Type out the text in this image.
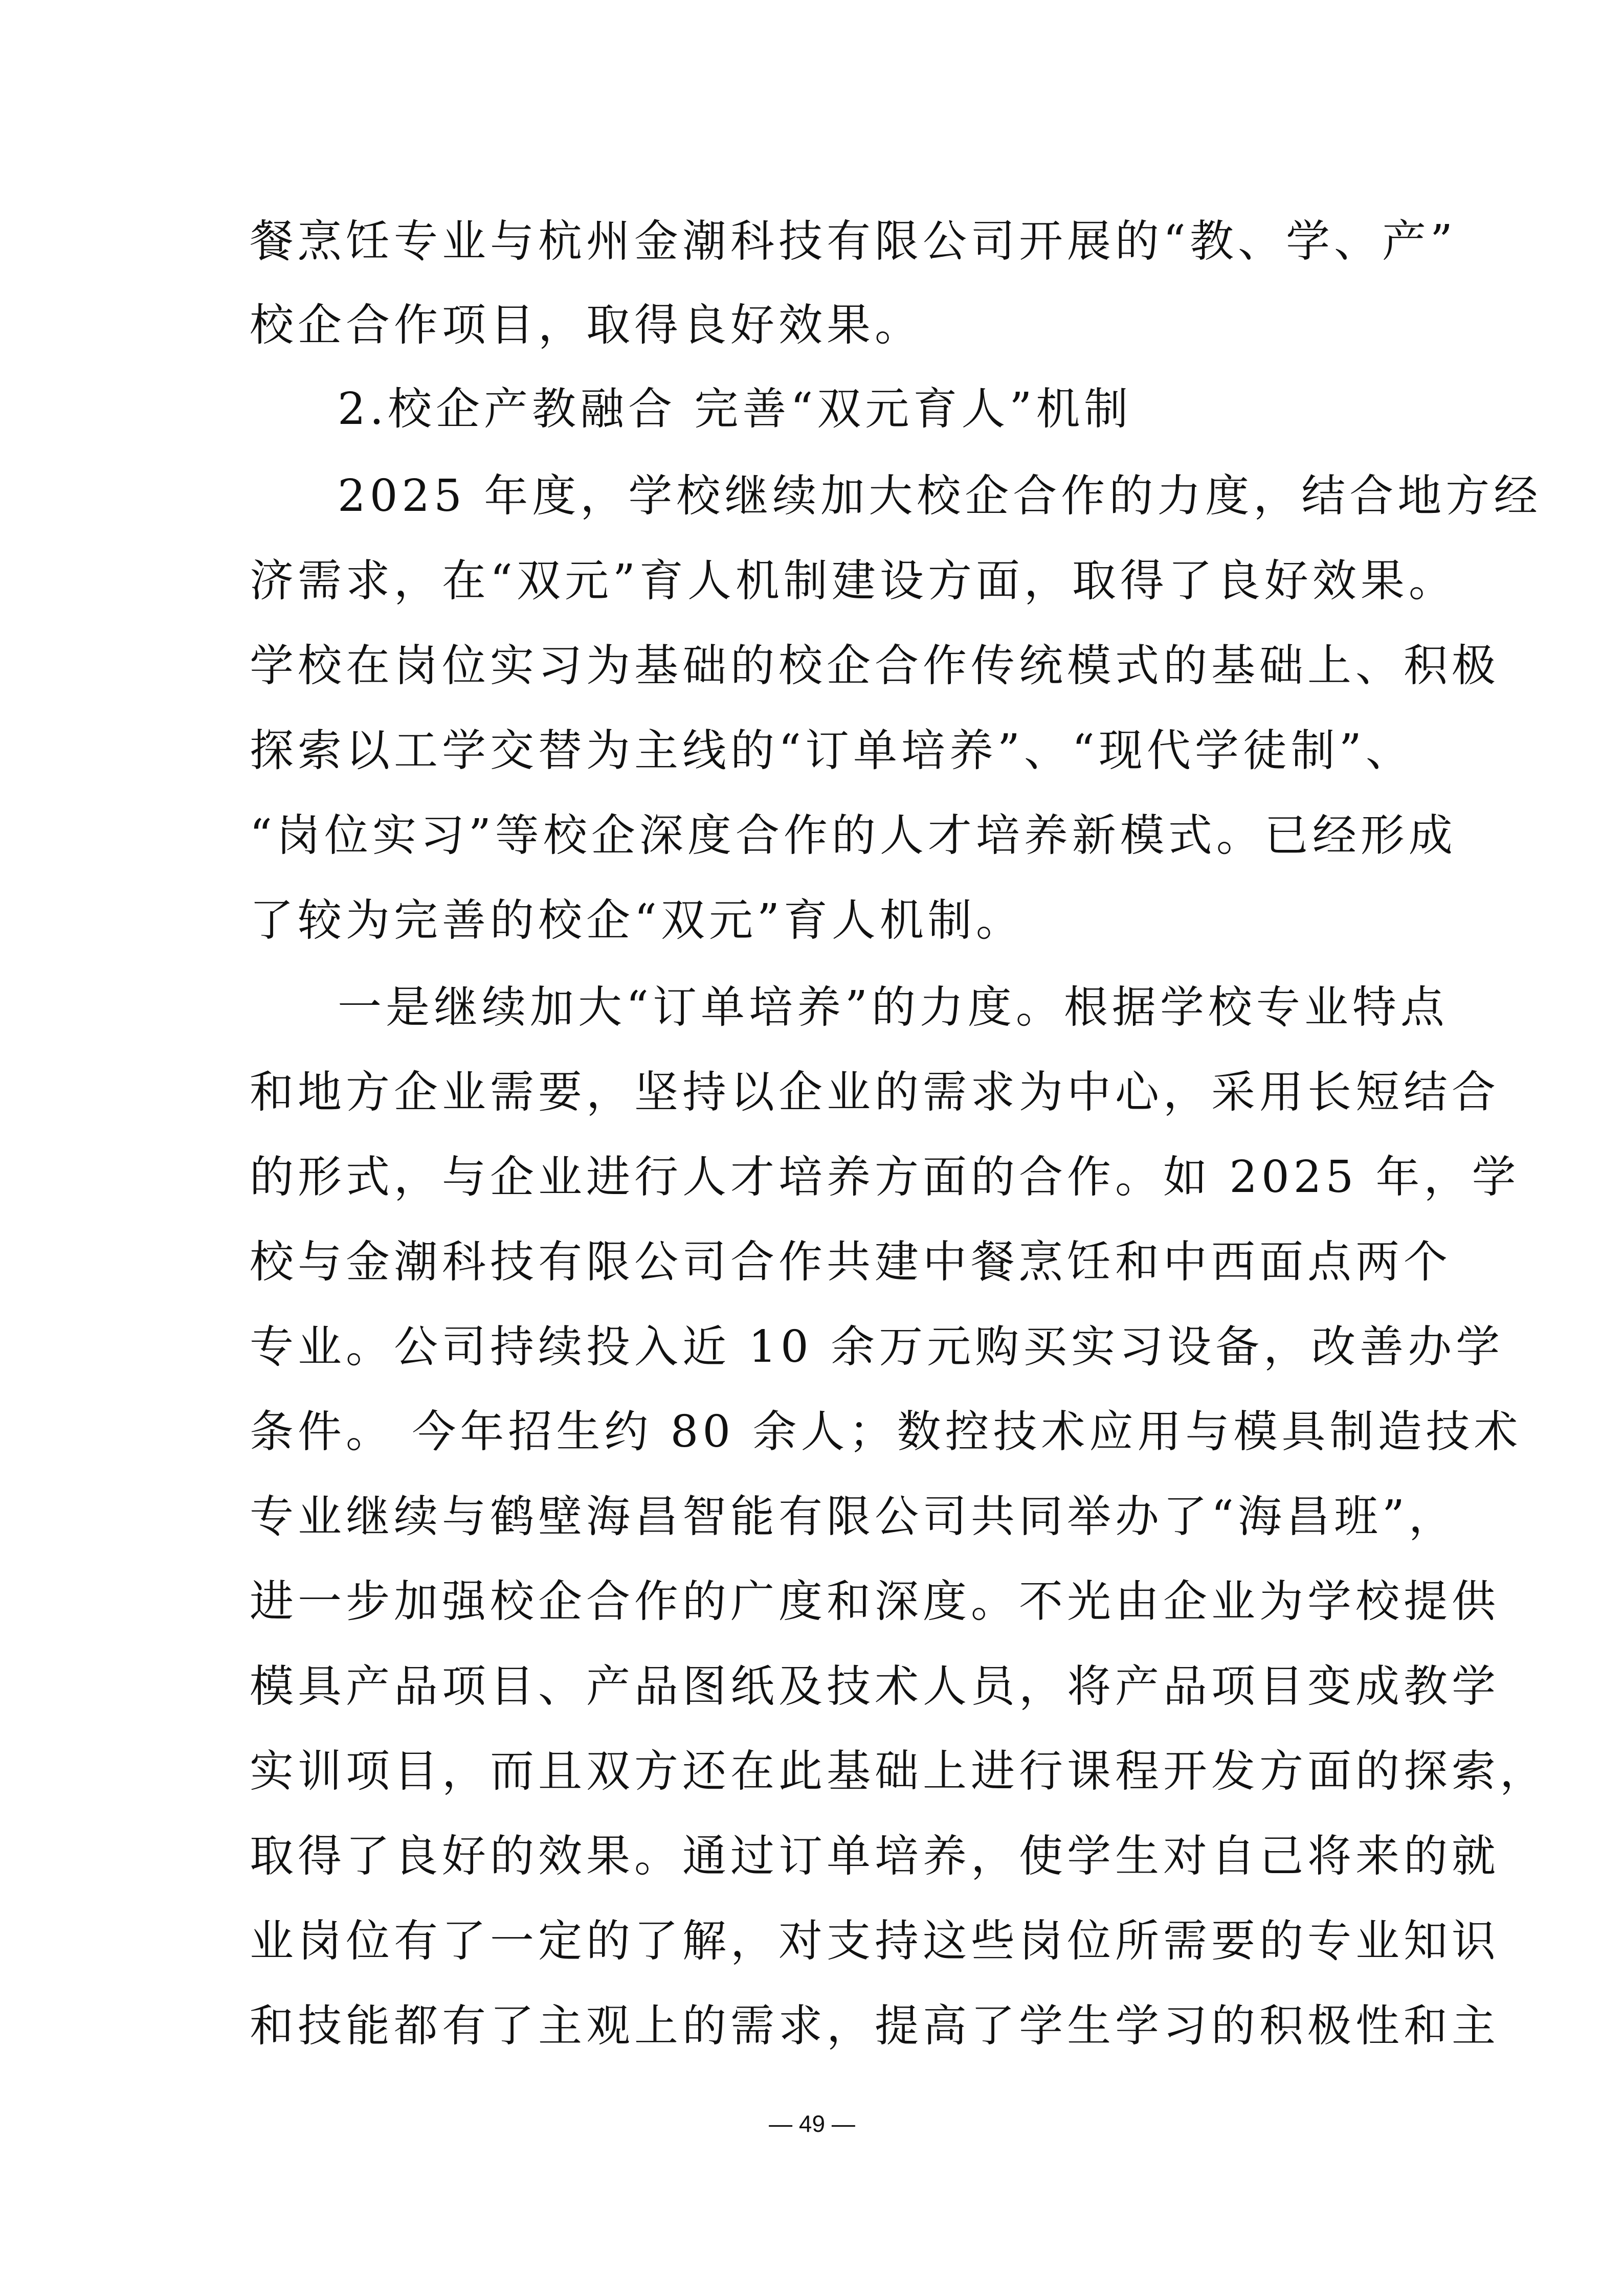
餐烹饪专业与杭州金潮科技有限公司开展的“教、学、产”
校企合作项目，取得良好效果。
2.校企产教融合 完善“双元育人”机制
2025 年度，学校继续加大校企合作的力度，结合地方经
济需求，在“双元”育人机制建设方面，取得了良好效果。
学校在岗位实习为基础的校企合作传统模式的基础上、积极
探索以工学交替为主线的“订单培养”、“现代学徒制”、
“岗位实习”等校企深度合作的人才培养新模式。已经形成
了较为完善的校企“双元”育人机制。
一是继续加大“订单培养”的力度。根据学校专业特点
和地方企业需要，坚持以企业的需求为中心，采用长短结合
的形式，与企业进行人才培养方面的合作。如 2025 年，学
校与金潮科技有限公司合作共建中餐烹饪和中西面点两个
专业。公司持续投入近 10 余万元购买实习设备，改善办学
条件。 今年招生约 80 余人；数控技术应用与模具制造技术
专业继续与鹤壁海昌智能有限公司共同举办了“海昌班”，
进一步加强校企合作的广度和深度。不光由企业为学校提供
模具产品项目、产品图纸及技术人员，将产品项目变成教学
实训项目，而且双方还在此基础上进行课程开发方面的探索，
取得了良好的效果。通过订单培养，使学生对自己将来的就
业岗位有了一定的了解，对支持这些岗位所需要的专业知识
和技能都有了主观上的需求，提高了学生学习的积极性和主
— 49 —
